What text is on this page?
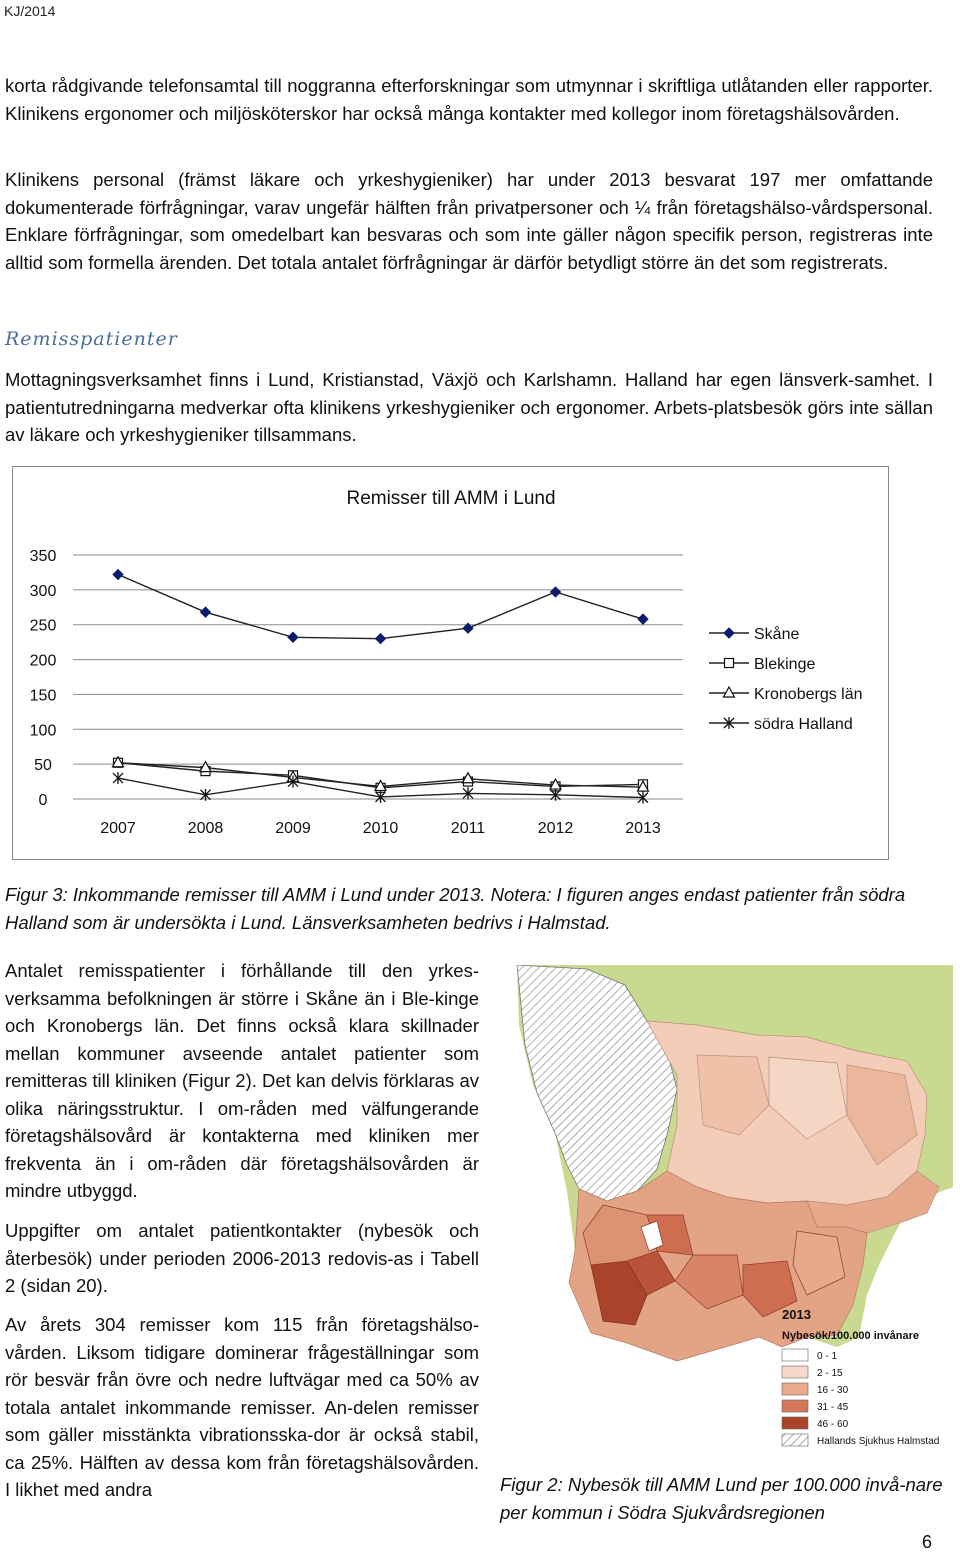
KJ/2014

korta rådgivande telefonsamtal till noggranna efterforskningar som utmynnar i skriftliga utlåtanden eller rapporter. Klinikens ergonomer och miljösköterskor har också många kontakter med kollegor inom företagshälsovården.

Klinikens personal (främst läkare och yrkeshygieniker) har under 2013 besvarat 197 mer omfattande dokumenterade förfrågningar, varav ungefär hälften från privatpersoner och ¼ från företagshälso-vårdspersonal. Enklare förfrågningar, som omedelbart kan besvaras och som inte gäller någon specifik person, registreras inte alltid som formella ärenden. Det totala antalet förfrågningar är därför betydligt större än det som registrerats.

Remisspatienter

Mottagningsverksamhet finns i Lund, Kristianstad, Växjö och Karlshamn. Halland har egen länsverk-samhet. I patientutredningarna medverkar ofta klinikens yrkeshygieniker och ergonomer. Arbets-platsbesök görs inte sällan av läkare och yrkeshygieniker tillsammans.

Remisser till AMM i Lund
0
50
100
150
200
250
300
350
2007	2008	2009	2010	2011	2012	2013
Skåne
Blekinge
Kronobergs län
södra Halland
Figur 3: Inkommande remisser till AMM i Lund under 2013. Notera: I figuren anges endast patienter från södra Halland som är undersökta i Lund. Länsverksamheten bedrivs i Halmstad.

Antalet remisspatienter i förhållande till den yrkes-verksamma befolkningen är större i Skåne än i Ble-kinge och Kronobergs län. Det finns också klara skillnader mellan kommuner avseende antalet patienter som remitteras till kliniken (Figur 2). Det kan delvis förklaras av olika näringsstruktur. I om-råden med välfungerande företagshälsovård är kontakterna med kliniken mer frekventa än i om-råden där företagshälsovården är mindre utbyggd.

Uppgifter om antalet patientkontakter (nybesök och återbesök) under perioden 2006-2013 redovis-as i Tabell 2 (sidan 20).

Av årets 304 remisser kom 115 från företagshälso-vården. Liksom tidigare dominerar frågeställningar som rör besvär från övre och nedre luftvägar med ca 50% av totala antalet inkommande remisser. An-delen remisser som gäller misstänkta vibrationsska-dor är också stabil, ca 25%. Hälften av dessa kom från företagshälsovården. I likhet med andra

2013
Nybesök/100.000 invånare
0 - 1
2 - 15
16 - 30
31 - 45
46 - 60
Hallands Sjukhus Halmstad
Figur 2: Nybesök till AMM Lund per 100.000 invå-nare per kommun i Södra Sjukvårdsregionen
6
